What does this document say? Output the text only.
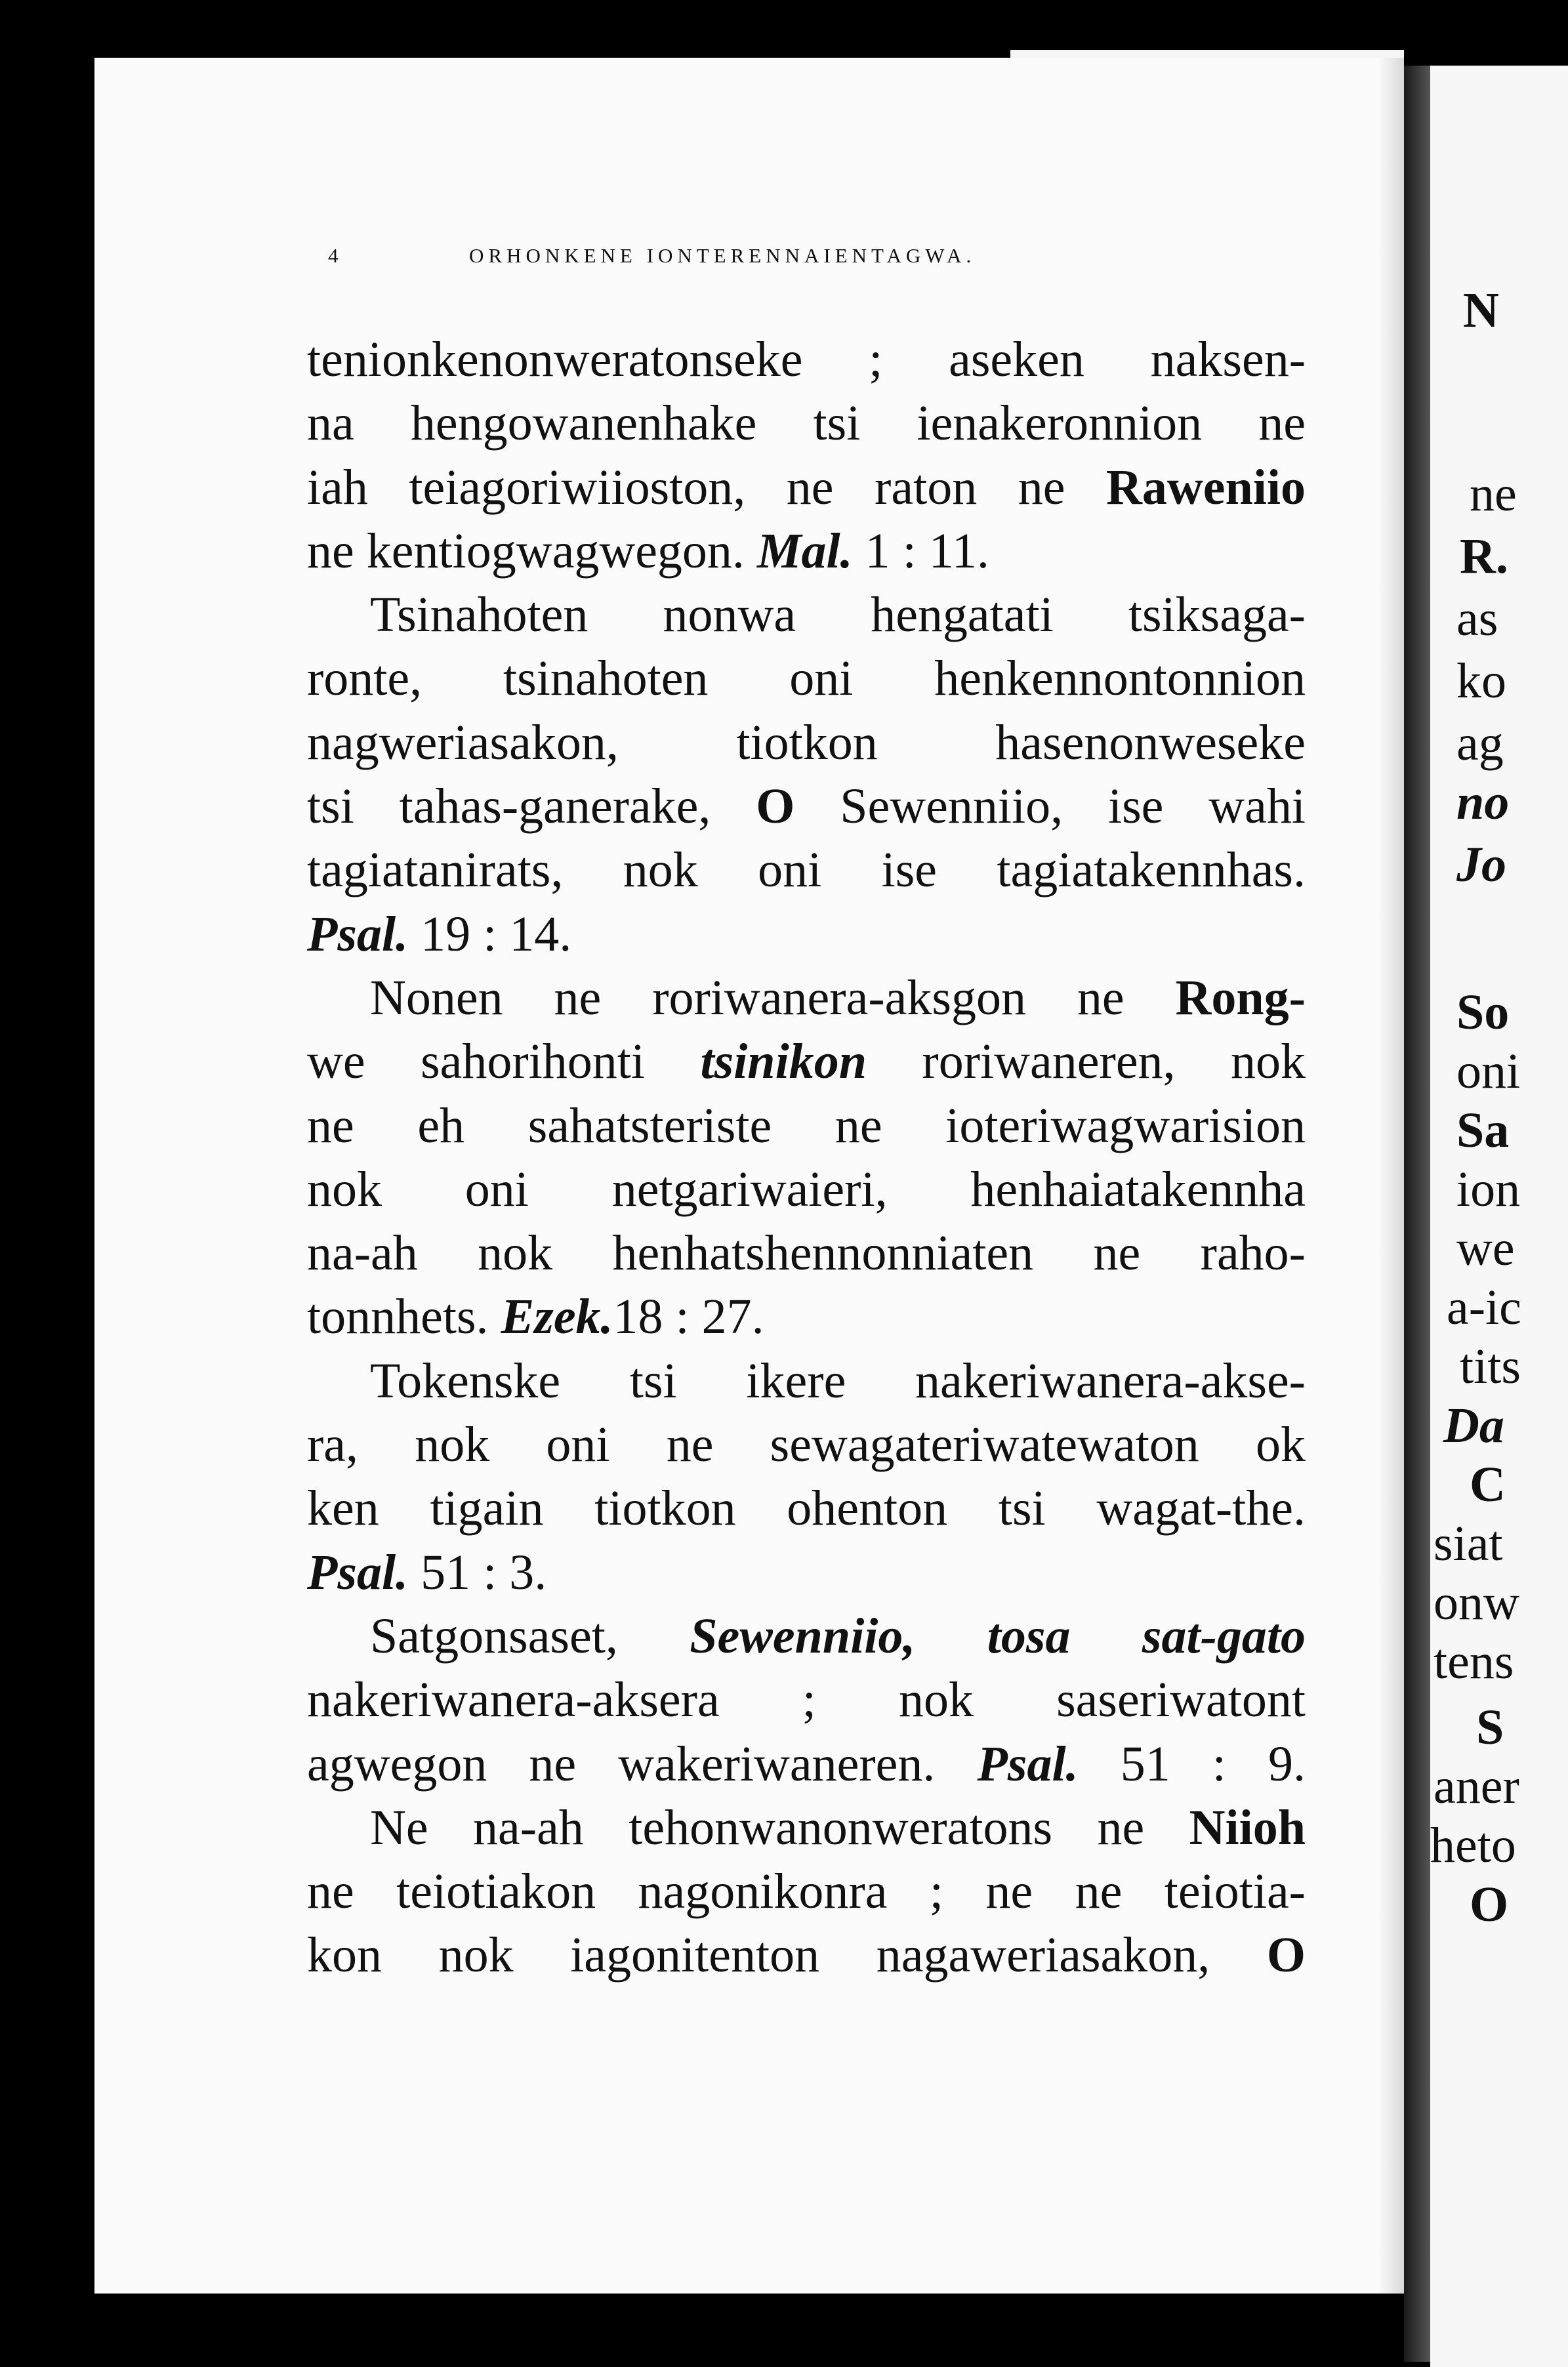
N
ne
R.
as
ko
ag
no
Jo
So
oni
Sa
ion
we
a-ic
tits
Da
C
siat
onw
tens
S
aner
heto
O
4	ORHONKENE IONTERENNAIENTAGWA.
tenionkenonweratonseke ; aseken naksen-
na hengowanenhake tsi ienakeronnion ne
iah teiagoriwiioston, ne raton ne Raweniio
ne kentiogwagwegon. Mal. 1 : 11.
Tsinahoten nonwa hengatati tsiksaga-
ronte, tsinahoten oni henkennontonnion
nagweriasakon, tiotkon hasenonweseke
tsi tahas-ganerake, O Sewenniio, ise wahi
tagiatanirats, nok oni ise tagiatakennhas.
Psal. 19 : 14.
Nonen ne roriwanera-aksgon ne Rong-
we sahorihonti tsinikon roriwaneren, nok
ne eh sahatsteriste ne ioteriwagwarision
nok oni netgariwaieri, henhaiatakennha
na-ah nok henhatshennonniaten ne raho-
tonnhets. Ezek.18 : 27.
Tokenske tsi ikere nakeriwanera-akse-
ra, nok oni ne sewagateriwatewaton ok
ken tigain tiotkon ohenton tsi wagat-the.
Psal. 51 : 3.
Satgonsaset, Sewenniio, tosa sat-gato
nakeriwanera-aksera ; nok saseriwatont
agwegon ne wakeriwaneren. Psal. 51 : 9.
Ne na-ah tehonwanonweratons ne Niioh
ne teiotiakon nagonikonra ; ne ne teiotia-
kon nok iagonitenton nagaweriasakon, O
